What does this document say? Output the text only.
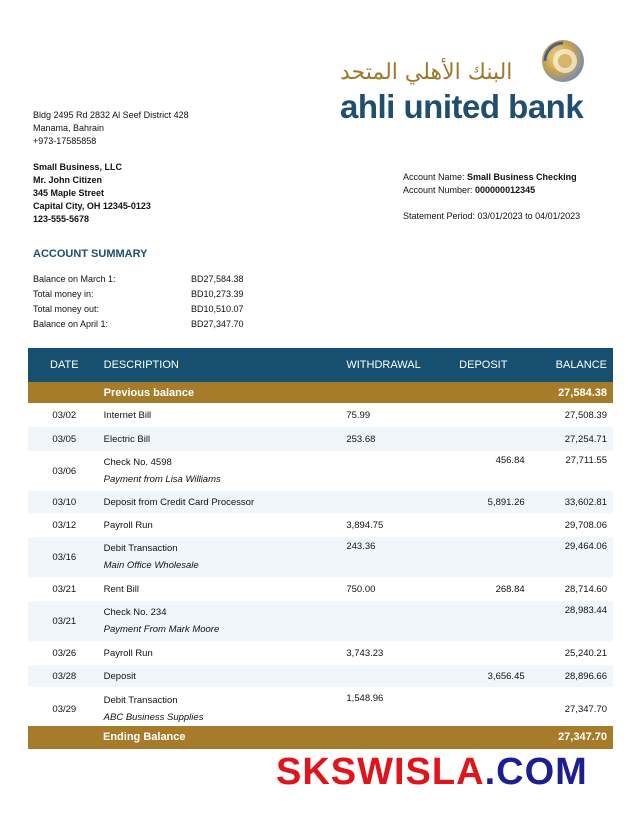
البنك الأهلي المتحد
ahli united bank
Bldg 2495 Rd 2832 Al Seef District 428
Manama, Bahrain
+973-17585858
Small Business, LLC
Mr. John Citizen
345 Maple Street
Capital City, OH 12345-0123
123-555-5678
Account Name: Small Business Checking
Account Number: 000000012345
Statement Period: 03/01/2023 to 04/01/2023
ACCOUNT SUMMARY
Balance on March 1:	BD27,584.38
Total money in:	BD10,273.39
Total money out:	BD10,510.07
Balance on April 1:	BD27,347.70
DATE	DESCRIPTION	WITHDRAWAL	DEPOSIT	BALANCE
	Previous balance			27,584.38
03/02	Internet Bill	75.99		27,508.39
03/05	Electric Bill	253.68		27,254.71
03/06	Check No. 4598
Payment from Lisa Williams		456.84	27,711.55
03/10	Deposit from Credit Card Processor		5,891.26	33,602.81
03/12	Payroll Run	3,894.75		29,708.06
03/16	Debit Transaction
Main Office Wholesale	243.36		29,464.06
03/21	Rent Bill	750.00	268.84	28,714.60
03/21	Check No. 234
Payment From Mark Moore			28,983.44
03/26	Payroll Run	3,743.23		25,240.21
03/28	Deposit		3,656.45	28,896.66
03/29	Debit Transaction
ABC Business Supplies	1,548.96		27,347.70
Ending Balance	27,347.70
SKSWISLA.COM
